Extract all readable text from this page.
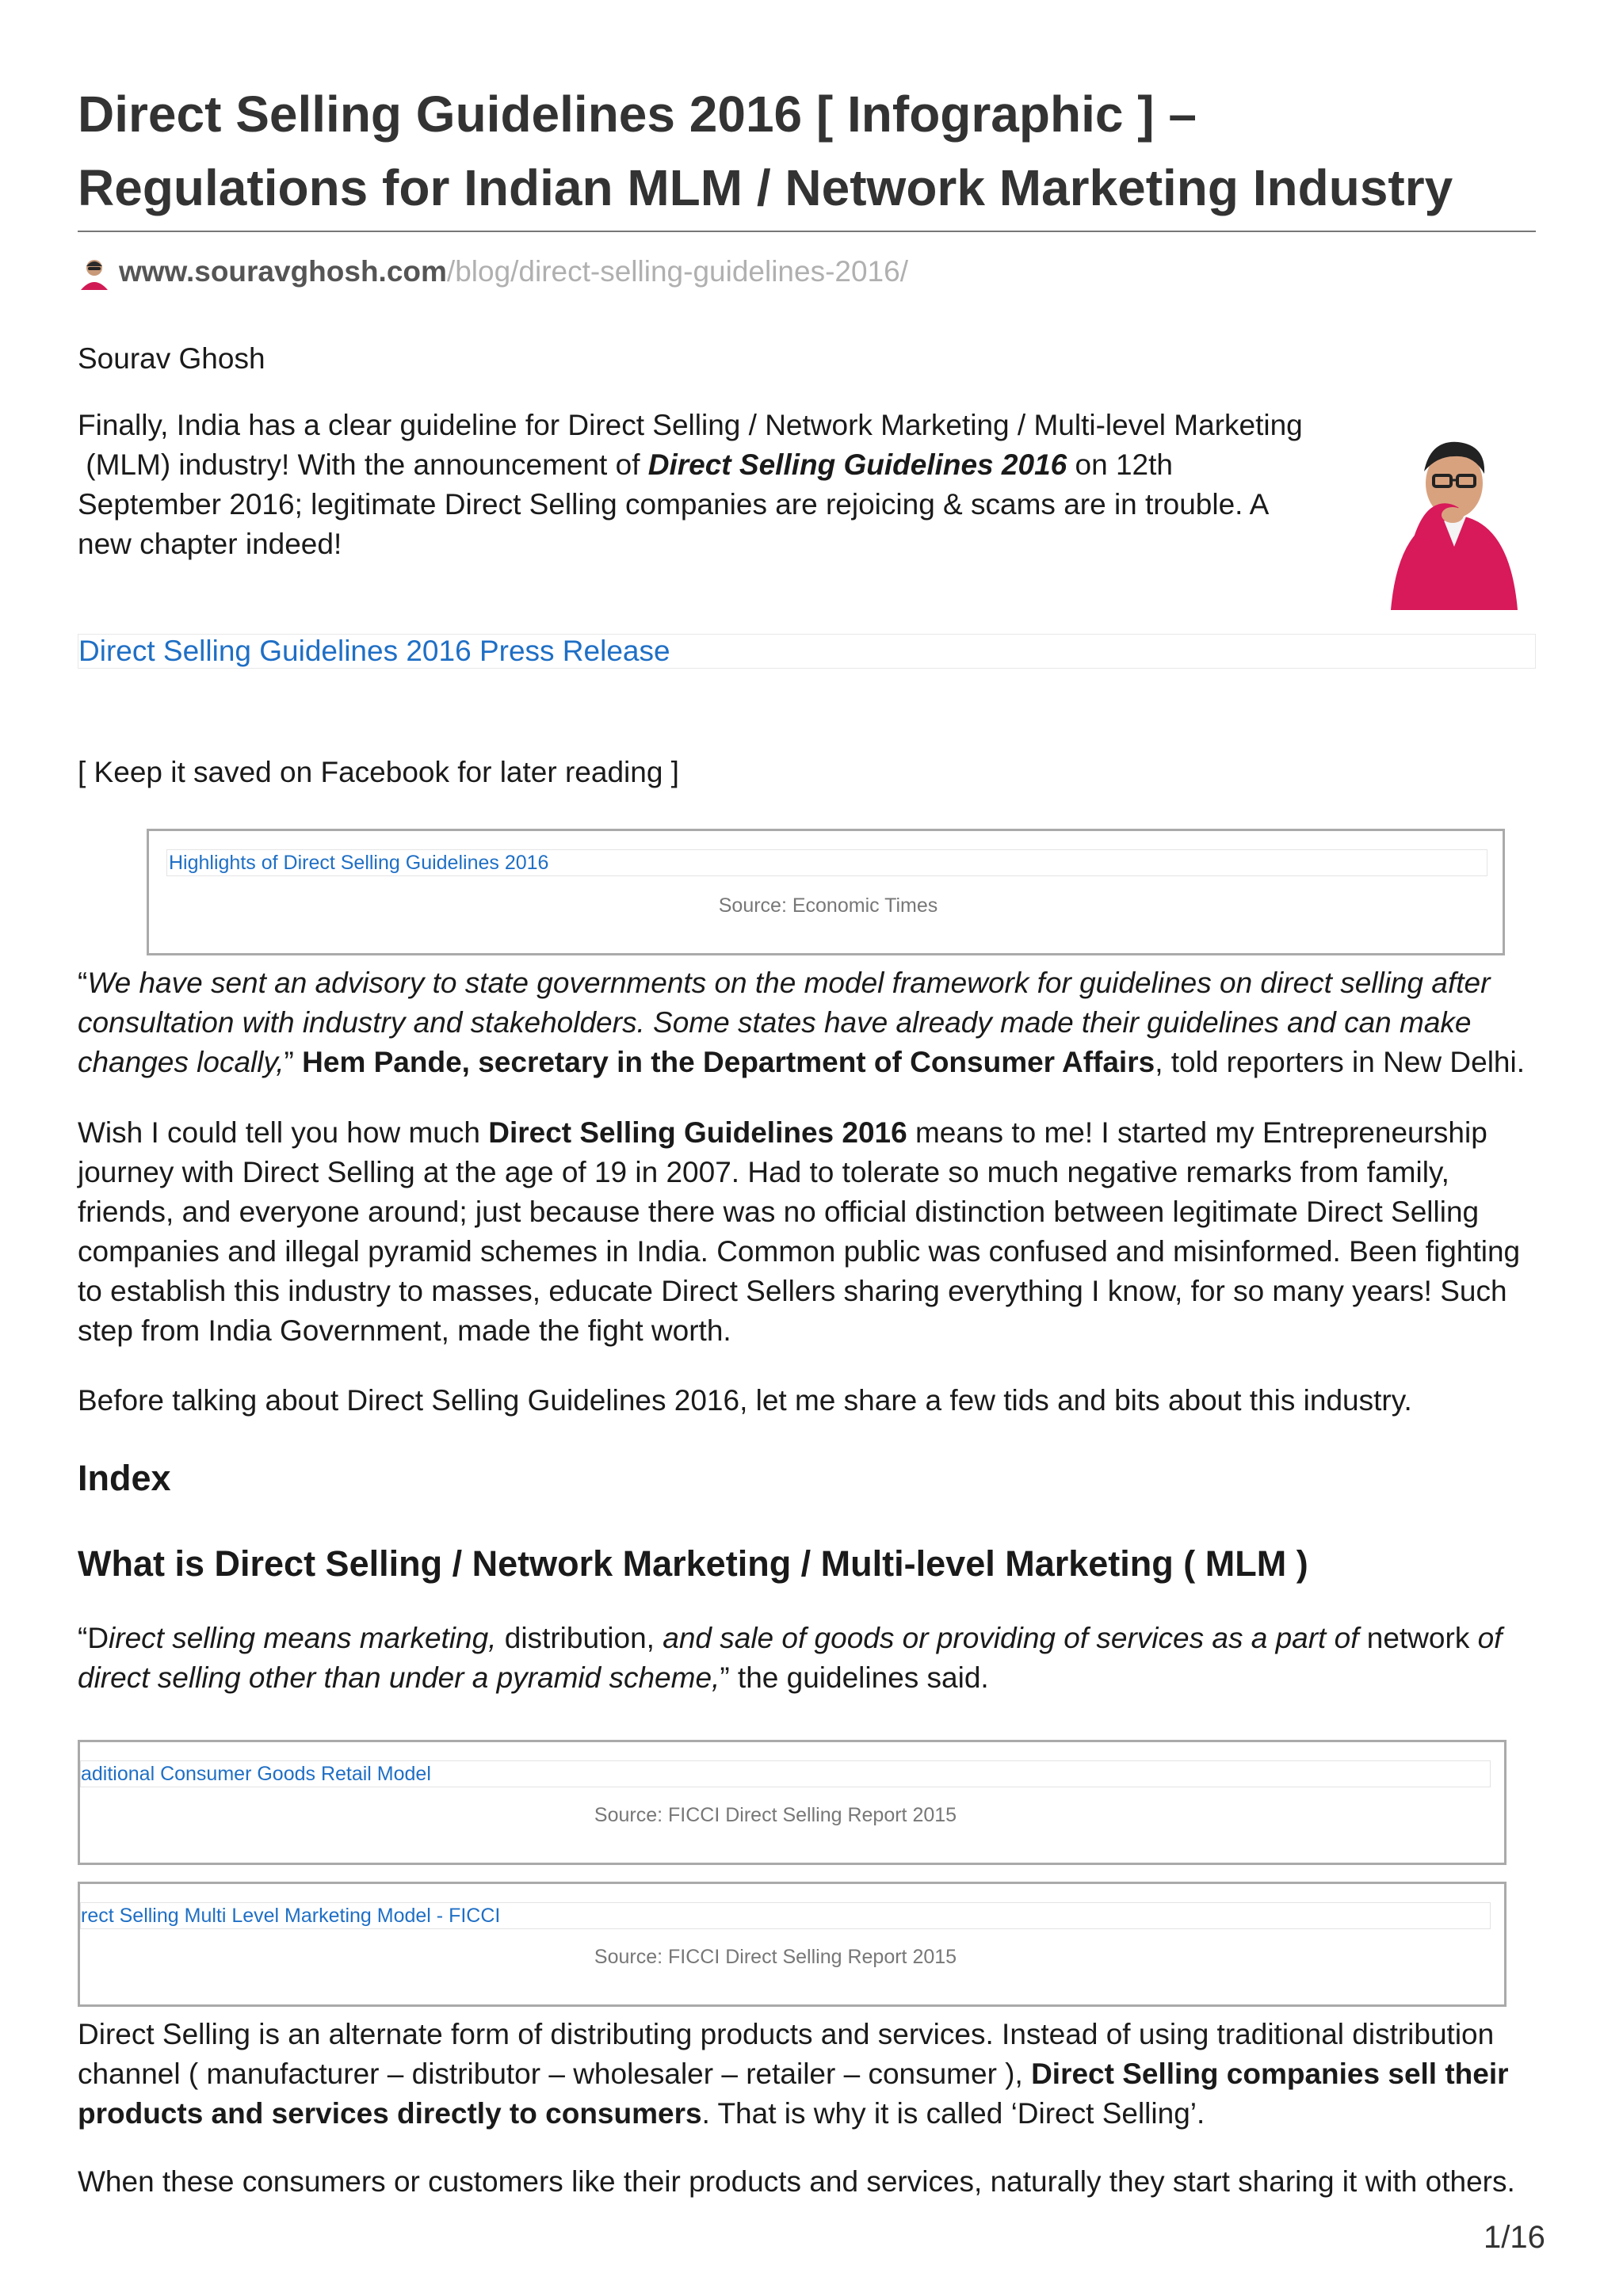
Direct Selling Guidelines 2016 [ Infographic ] –
Regulations for Indian MLM / Network Marketing Industry
www.souravghosh.com/blog/direct-selling-guidelines-2016/
Sourav Ghosh
Finally, India has a clear guideline for Direct Selling / Network Marketing / Multi-level Marketing
(MLM) industry! With the announcement of Direct Selling Guidelines 2016 on 12th
September 2016; legitimate Direct Selling companies are rejoicing & scams are in trouble. A
new chapter indeed!
Direct Selling Guidelines 2016 Press Release
[ Keep it saved on Facebook for later reading ]
Highlights of Direct Selling Guidelines 2016
Source: Economic Times
“We have sent an advisory to state governments on the model framework for guidelines on direct selling after consultation with industry and stakeholders. Some states have already made their guidelines and can make changes locally,” Hem Pande, secretary in the Department of Consumer Affairs, told reporters in New Delhi.
Wish I could tell you how much Direct Selling Guidelines 2016 means to me! I started my Entrepreneurship journey with Direct Selling at the age of 19 in 2007. Had to tolerate so much negative remarks from family, friends, and everyone around; just because there was no official distinction between legitimate Direct Selling companies and illegal pyramid schemes in India. Common public was confused and misinformed. Been fighting to establish this industry to masses, educate Direct Sellers sharing everything I know, for so many years! Such step from India Government, made the fight worth.
Before talking about Direct Selling Guidelines 2016, let me share a few tids and bits about this industry.
Index
What is Direct Selling / Network Marketing / Multi-level Marketing ( MLM )
“Direct selling means marketing, distribution, and sale of goods or providing of services as a part of network of direct selling other than under a pyramid scheme,” the guidelines said.
aditional Consumer Goods Retail Model
Source: FICCI Direct Selling Report 2015
rect Selling Multi Level Marketing Model - FICCI
Source: FICCI Direct Selling Report 2015
Direct Selling is an alternate form of distributing products and services. Instead of using traditional distribution channel ( manufacturer – distributor – wholesaler – retailer – consumer ), Direct Selling companies sell their products and services directly to consumers. That is why it is called ‘Direct Selling’.
When these consumers or customers like their products and services, naturally they start sharing it with others.
1/16
